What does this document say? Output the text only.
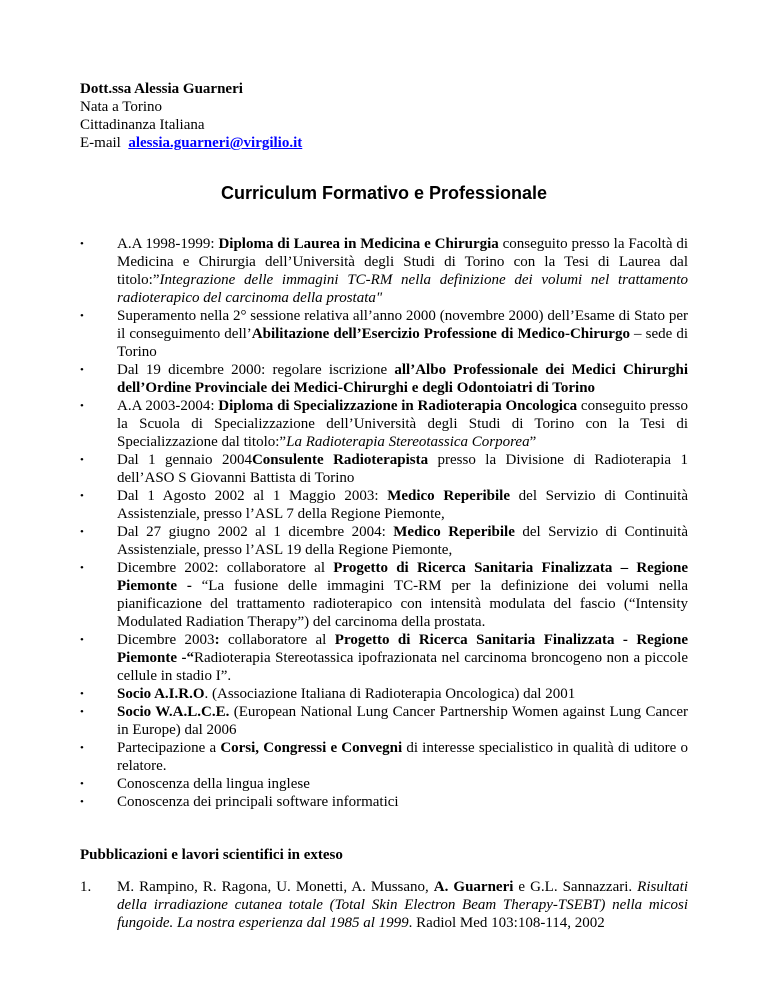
Dott.ssa Alessia Guarneri
Nata a Torino
Cittadinanza Italiana
E-mail alessia.guarneri@virgilio.it
Curriculum Formativo e Professionale
•	A.A 1998-1999: Diploma di Laurea in Medicina e Chirurgia conseguito presso la Facoltà di Medicina e Chirurgia dell’Università degli Studi di Torino con la Tesi di Laurea dal titolo:”Integrazione delle immagini TC-RM nella definizione dei volumi nel trattamento radioterapico del carcinoma della prostata"
•	Superamento nella 2° sessione relativa all’anno 2000 (novembre 2000) dell’Esame di Stato per il conseguimento dell’Abilitazione dell’Esercizio Professione di Medico-Chirurgo – sede di Torino
•	Dal 19 dicembre 2000: regolare iscrizione all’Albo Professionale dei Medici Chirurghi dell’Ordine Provinciale dei Medici-Chirurghi e degli Odontoiatri di Torino
•	A.A 2003-2004: Diploma di Specializzazione in Radioterapia Oncologica conseguito presso la Scuola di Specializzazione dell’Università degli Studi di Torino con la Tesi di Specializzazione dal titolo:”La Radioterapia Stereotassica Corporea”
•	Dal 1 gennaio 2004Consulente Radioterapista presso la Divisione di Radioterapia 1 dell’ASO S Giovanni Battista di Torino
•	Dal 1 Agosto 2002 al 1 Maggio 2003: Medico Reperibile del Servizio di Continuità Assistenziale, presso l’ASL 7 della Regione Piemonte,
•	Dal 27 giugno 2002 al 1 dicembre 2004: Medico Reperibile del Servizio di Continuità Assistenziale, presso l’ASL 19 della Regione Piemonte,
•	Dicembre 2002: collaboratore al Progetto di Ricerca Sanitaria Finalizzata – Regione Piemonte - “La fusione delle immagini TC-RM per la definizione dei volumi nella pianificazione del trattamento radioterapico con intensità modulata del fascio (“Intensity Modulated Radiation Therapy”) del carcinoma della prostata.
•	Dicembre 2003: collaboratore al Progetto di Ricerca Sanitaria Finalizzata - Regione Piemonte -“Radioterapia Stereotassica ipofrazionata nel carcinoma broncogeno non a piccole cellule in stadio I”.
•	Socio A.I.R.O. (Associazione Italiana di Radioterapia Oncologica) dal 2001
•	Socio W.A.L.C.E. (European National Lung Cancer Partnership Women against Lung Cancer in Europe) dal 2006
•	Partecipazione a Corsi, Congressi e Convegni di interesse specialistico in qualità di uditore o relatore.
•	Conoscenza della lingua inglese
•	Conoscenza dei principali software informatici
Pubblicazioni e lavori scientifici in exteso
1. M. Rampino, R. Ragona, U. Monetti, A. Mussano, A. Guarneri e G.L. Sannazzari. Risultati della irradiazione cutanea totale (Total Skin Electron Beam Therapy-TSEBT) nella micosi fungoide. La nostra esperienza dal 1985 al 1999. Radiol Med 103:108-114, 2002
